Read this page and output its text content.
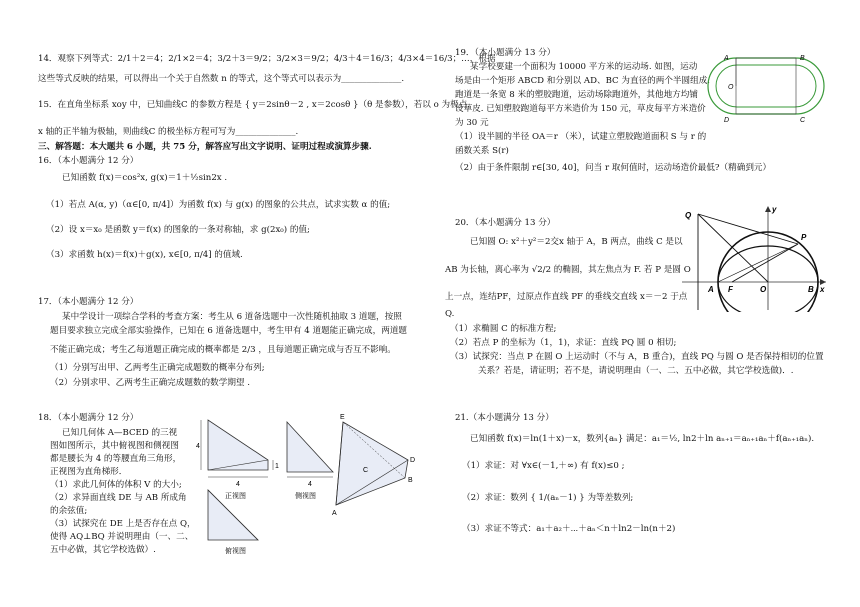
14．观察下列等式：2/1＋2＝4；2/1×2＝4；3/2＋3＝9/2；3/2×3＝9/2；4/3＋4＝16/3；4/3×4＝16/3；…，根据
这些等式反映的结果，可以得出一个关于自然数 n 的等式，这个等式可以表示为______________.
15．在直角坐标系 xoy 中，已知曲线C 的参数方程是 { y＝2sinθ－2 , x＝2cosθ }（θ 是参数），若以 o 为极点，
x 轴的正半轴为极轴，则曲线C 的极坐标方程可写为______________.
三、解答题：本大题共 6 小题，共 75 分，解答应写出文字说明、证明过程或演算步骤.
16．（本小题满分 12 分）
已知函数 f(x)＝cos²x, g(x)＝1＋½sin2x .
（1）若点 A(α, y)（α∈[0, π/4]）为函数 f(x) 与 g(x) 的图象的公共点，试求实数 α 的值;
（2）设 x＝x₀ 是函数 y＝f(x) 的图象的一条对称轴，求 g(2x₀) 的值;
（3）求函数 h(x)＝f(x)＋g(x), x∈[0, π/4] 的值域.
17．（本小题满分 12 分）
某中学设计一项综合学科的考查方案：考生从 6 道备选题中一次性随机抽取 3 道题，按照
题目要求独立完成全部实验操作，已知在 6 道备选题中，考生甲有 4 道题能正确完成，两道题
不能正确完成；考生乙每道题正确完成的概率都是 2/3 ，且每道题正确完成与否互不影响。
（1）分别写出甲、乙两考生正确完成题数的概率分布列;
（2）分别求甲、乙两考生正确完成题数的数学期望 .
18．（本小题满分 12 分）
已知几何体 A—BCED 的三视
图如图所示，其中俯视图和侧视图
都是腰长为 4 的等腰直角三角形，
正视图为直角梯形．
（1）求此几何体的体积 V 的大小;
（2）求异面直线 DE 与 AB 所成角
的余弦值;
（3）试探究在 DE 上是否存在点 Q，
使得 AQ⊥BQ 并说明理由（一、二、
五中必做，其它学校选做）.
4
4
1
正视图
4
侧视图
俯视图
E
D
B
C
A
19．（本小题满分 13 分）
某学校要建一个面积为 10000 平方米的运动场. 如图，运动
场是由一个矩形 ABCD 和分别以 AD、BC 为直径的两个半圆组成.
跑道是一条宽 8 米的塑胶跑道，运动场除跑道外，其他地方均铺
设草皮. 已知塑胶跑道每平方米造价为 150 元，草皮每平方米造价
为 30 元
（1）设半圆的半径 OA＝r （米），试建立塑胶跑道面积 S 与 r 的
函数关系 S(r)
（2）由于条件限制 r∈[30, 40]，问当 r 取何值时，运动场造价最低?（精确到元）
A	B
C
D
O
20．（本小题满分 13 分）
已知圆 O: x²＋y²＝2交x 轴于 A，B 两点，曲线 C 是以
AB 为长轴，离心率为 √2/2 的椭圆，其左焦点为 F. 若 P 是圆 O
上一点，连结PF，过原点作直线 PF 的垂线交直线 x＝－2 于点
Q.
（1）求椭圆 C 的标准方程;
（2）若点 P 的坐标为（1，1)，求证：直线 PQ 圆 0 相切;
（3）试探究：当点 P 在圆 O 上运动时（不与 A，B 重合)，直线 PQ 与圆 O 是否保持相切的位置
关系？若是，请证明；若不是，请说明理由（一、二、五中必做，其它学校选做)．.
Q
y
P
A F	O	B x
21.（本小题满分 13 分）
已知函数 f(x)＝ln(1＋x)－x，数列{aₙ} 满足：a₁＝½, ln2＋ln aₙ₊₁＝aₙ₊₁aₙ＋f(aₙ₊₁aₙ).
（1）求证：对 ∀x∈(－1,＋∞) 有 f(x)≤0 ;
（2）求证：数列 { 1/(aₙ－1) } 为等差数列;
（3）求证不等式：a₁＋a₂＋⋯＋aₙ＜n＋ln2－ln(n＋2)
